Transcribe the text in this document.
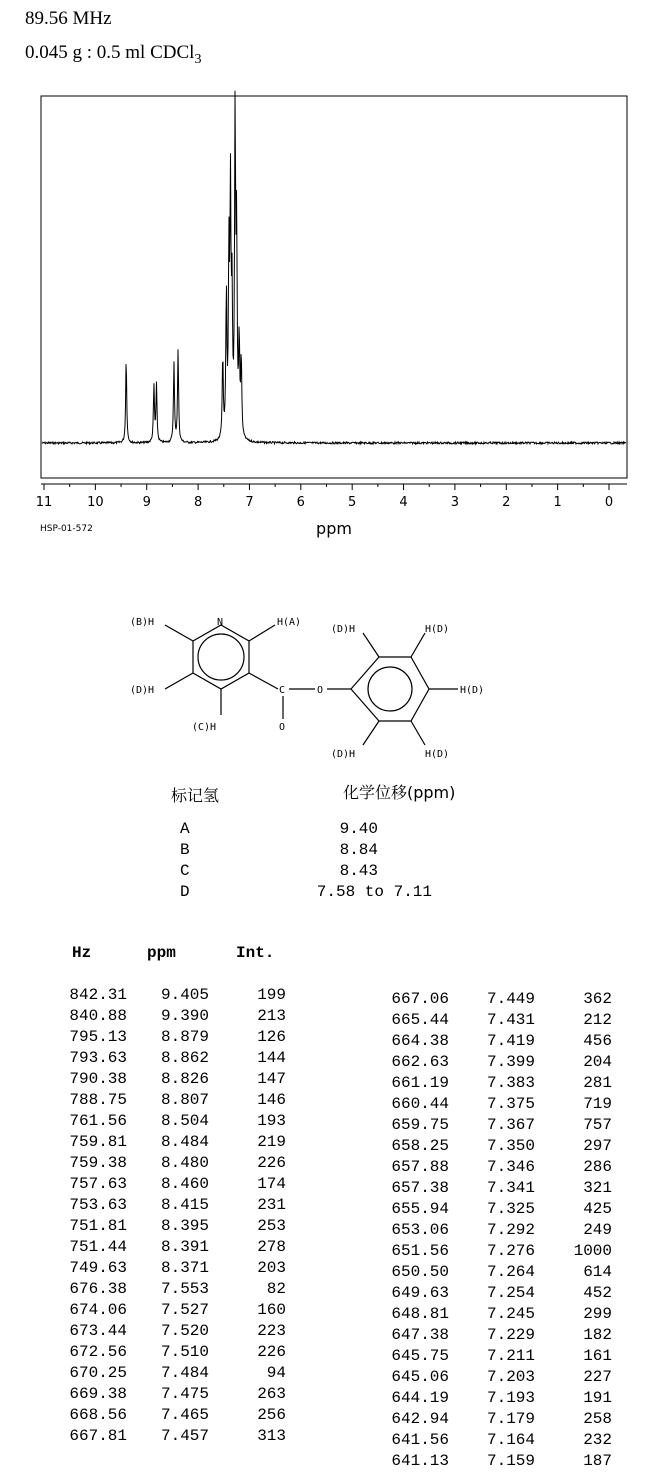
89.56 MHz
0.045 g : 0.5 ml CDCl$_3$
11	10	9	8	7	6	5	4	3	2	1	0
ppm
HSP-01-572
N	H(A)
(B)H
(D)H
(C)H
C	O
O
(D)H	H(D)
H(D)
(D)H	H(D)
标记氢	化学位移(ppm)
A	9.40
B	8.84
C	8.43
D	7.58 to 7.11
Hz	ppm	Int.
842.31 9.405	199
840.88 9.390	213
795.13 8.879	126
793.63 8.862	144
790.38 8.826	147
788.75 8.807	146
761.56 8.504	193
759.81 8.484	219
759.38 8.480	226
757.63 8.460	174
753.63 8.415	231
751.81 8.395	253
751.44 8.391	278
749.63 8.371	203
676.38 7.553	82
674.06 7.527	160
673.44 7.520	223
672.56 7.510	226
670.25 7.484	94
669.38 7.475	263
668.56 7.465	256
667.81 7.457	313
667.06 7.449	362
665.44 7.431	212
664.38 7.419	456
662.63 7.399	204
661.19 7.383	281
660.44 7.375	719
659.75 7.367	757
658.25 7.350	297
657.88 7.346	286
657.38 7.341	321
655.94 7.325	425
653.06 7.292	249
651.56 7.276 1000
650.50 7.264	614
649.63 7.254	452
648.81 7.245	299
647.38 7.229	182
645.75 7.211	161
645.06 7.203	227
644.19 7.193	191
642.94 7.179	258
641.56 7.164	232
641.13 7.159	187
